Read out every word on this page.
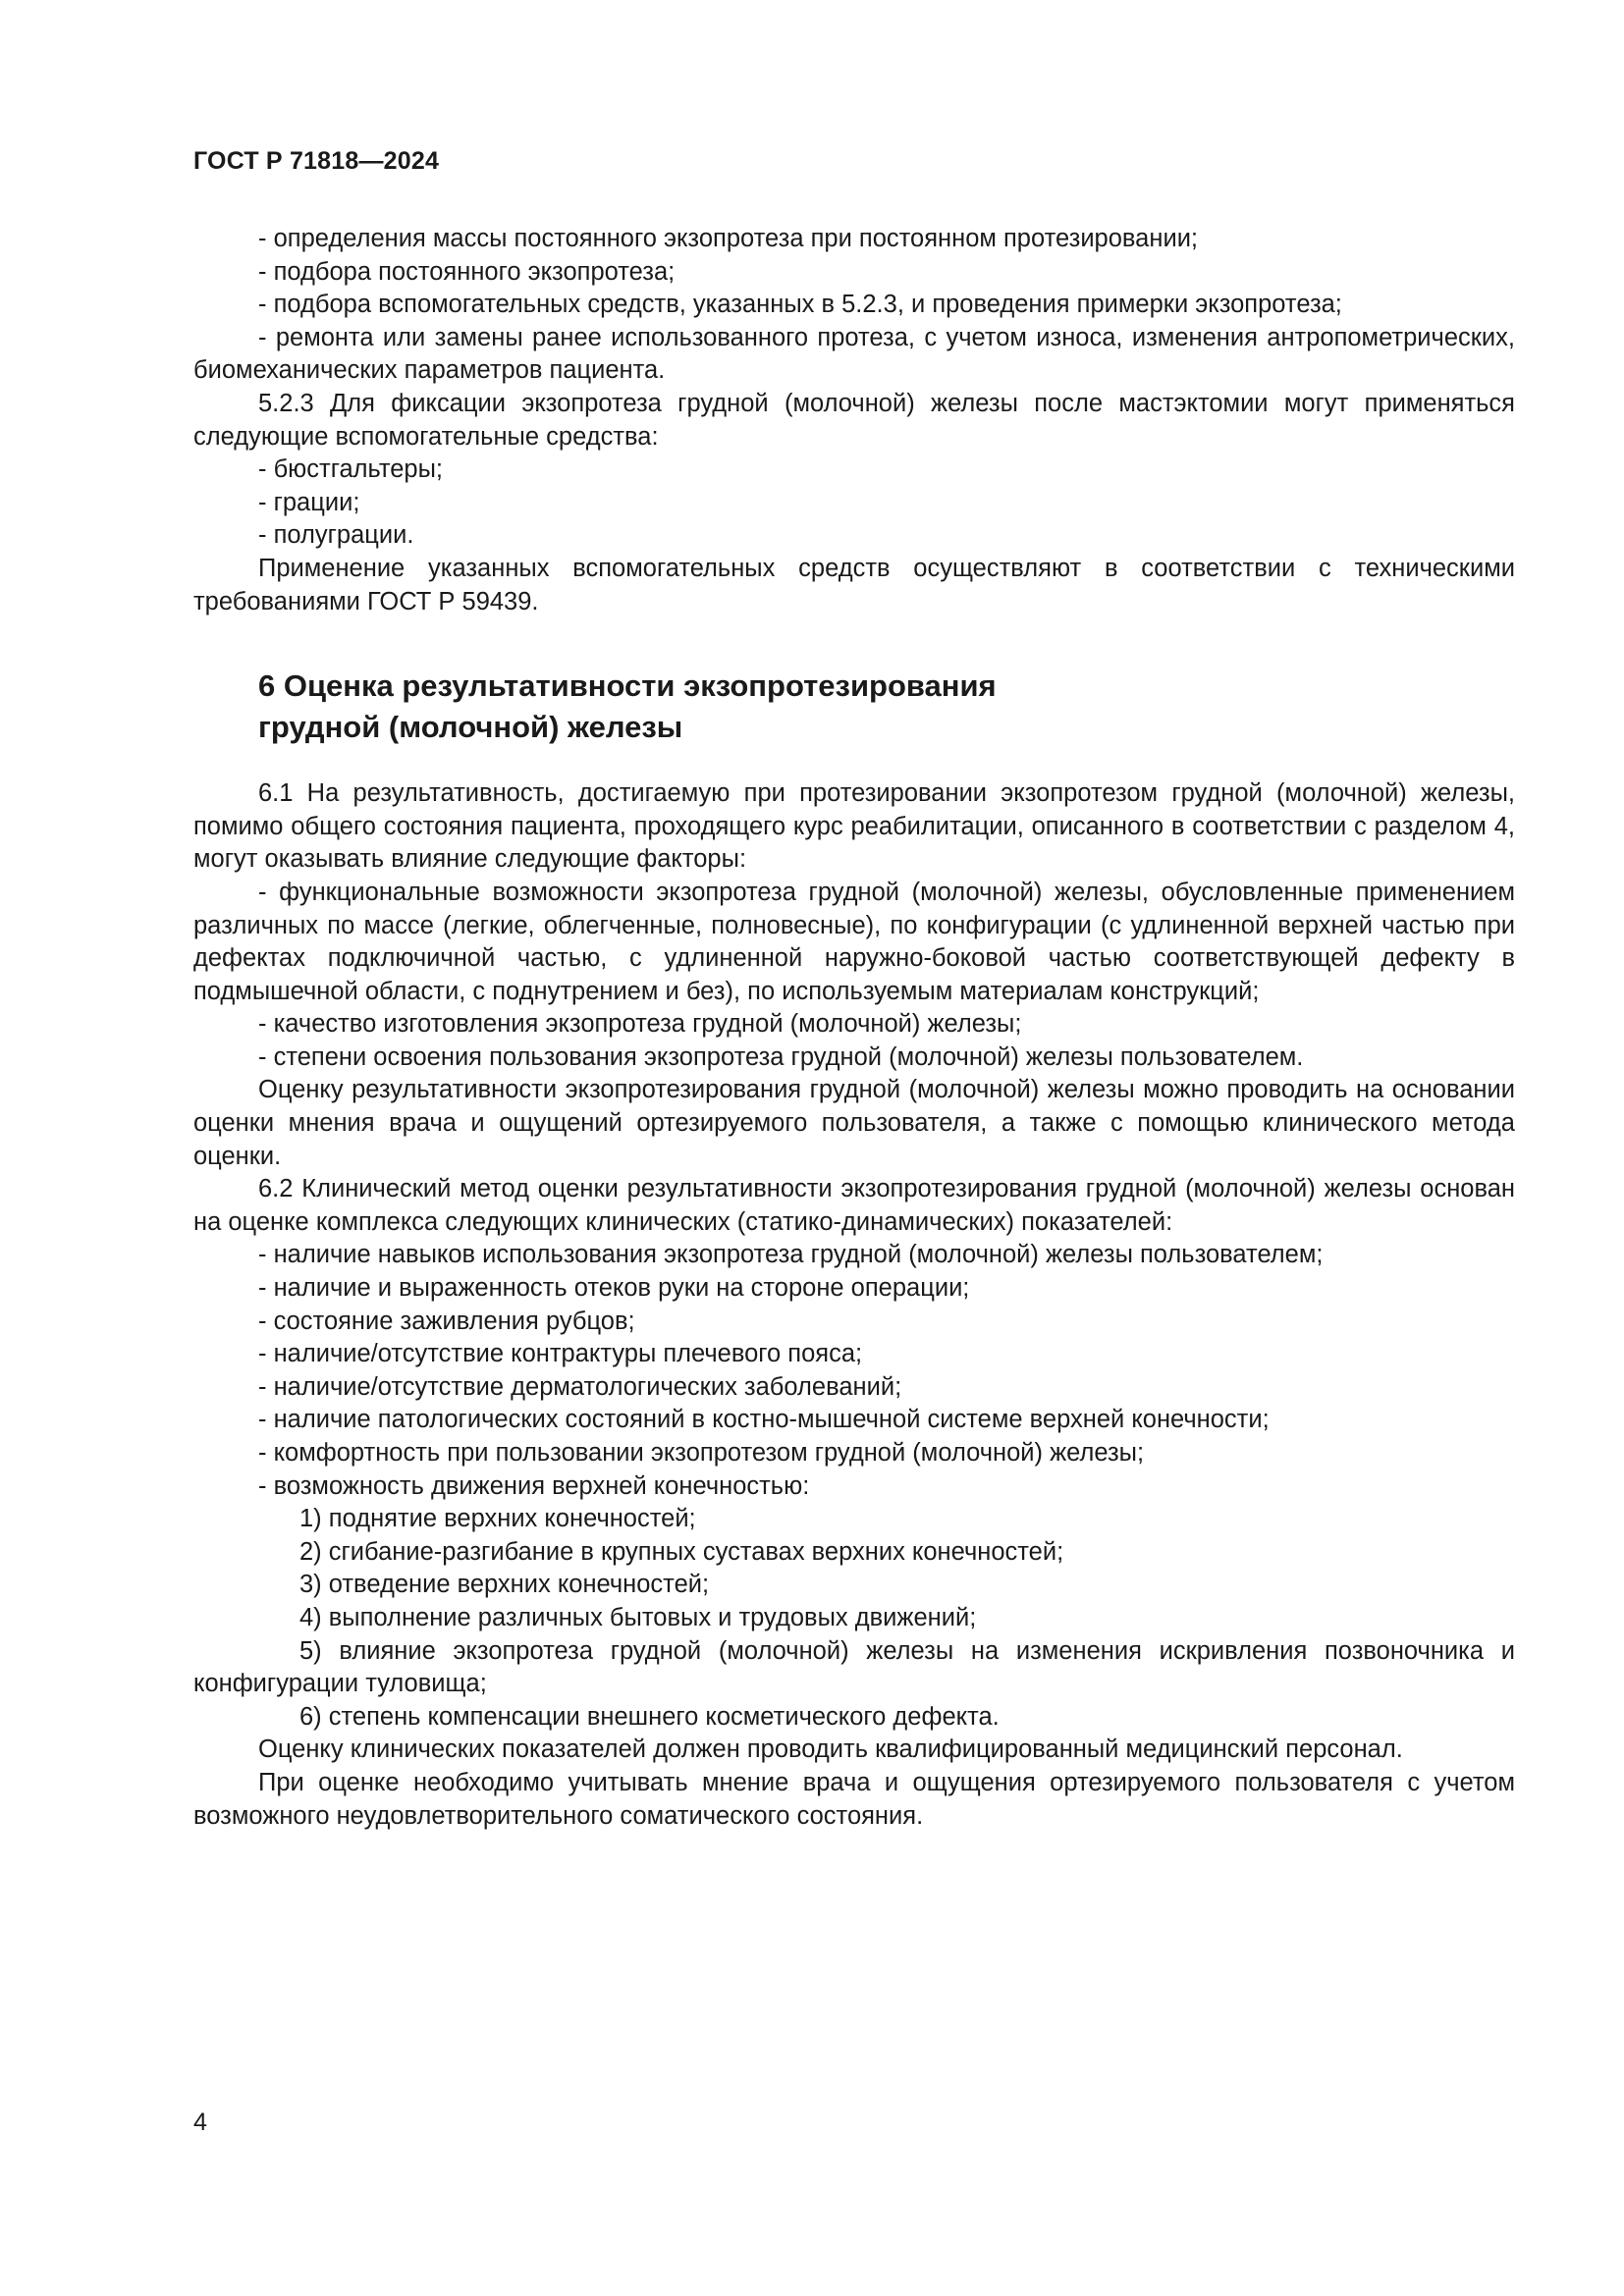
ГОСТ Р 71818—2024

- определения массы постоянного экзопротеза при постоянном протезировании;

- подбора постоянного экзопротеза;

- подбора вспомогательных средств, указанных в 5.2.3, и проведения примерки экзопротеза;

- ремонта или замены ранее использованного протеза, с учетом износа, изменения антропометрических, биомеханических параметров пациента.

5.2.3 Для фиксации экзопротеза грудной (молочной) железы после мастэктомии могут применяться следующие вспомогательные средства:

- бюстгальтеры;

- грации;

- полуграции.

Применение указанных вспомогательных средств осуществляют в соответствии с техническими требованиями ГОСТ Р 59439.

6 Оценка результативности экзопротезирования
грудной (молочной) железы

6.1 На результативность, достигаемую при протезировании экзопротезом грудной (молочной) железы, помимо общего состояния пациента, проходящего курс реабилитации, описанного в соответствии с разделом 4, могут оказывать влияние следующие факторы:

- функциональные возможности экзопротеза грудной (молочной) железы, обусловленные применением различных по массе (легкие, облегченные, полновесные), по конфигурации (с удлиненной верхней частью при дефектах подключичной частью, с удлиненной наружно-боковой частью соответствующей дефекту в подмышечной области, с поднутрением и без), по используемым материалам конструкций;

- качество изготовления экзопротеза грудной (молочной) железы;

- степени освоения пользования экзопротеза грудной (молочной) железы пользователем.

Оценку результативности экзопротезирования грудной (молочной) железы можно проводить на основании оценки мнения врача и ощущений ортезируемого пользователя, а также с помощью клинического метода оценки.

6.2 Клинический метод оценки результативности экзопротезирования грудной (молочной) железы основан на оценке комплекса следующих клинических (статико-динамических) показателей:

- наличие навыков использования экзопротеза грудной (молочной) железы пользователем;

- наличие и выраженность отеков руки на стороне операции;

- состояние заживления рубцов;

- наличие/отсутствие контрактуры плечевого пояса;

- наличие/отсутствие дерматологических заболеваний;

- наличие патологических состояний в костно-мышечной системе верхней конечности;

- комфортность при пользовании экзопротезом грудной (молочной) железы;

- возможность движения верхней конечностью:

1) поднятие верхних конечностей;

2) сгибание-разгибание в крупных суставах верхних конечностей;

3) отведение верхних конечностей;

4) выполнение различных бытовых и трудовых движений;

5) влияние экзопротеза грудной (молочной) железы на изменения искривления позвоночника и конфигурации туловища;

6) степень компенсации внешнего косметического дефекта.

Оценку клинических показателей должен проводить квалифицированный медицинский персонал.

При оценке необходимо учитывать мнение врача и ощущения ортезируемого пользователя с учетом возможного неудовлетворительного соматического состояния.

4
